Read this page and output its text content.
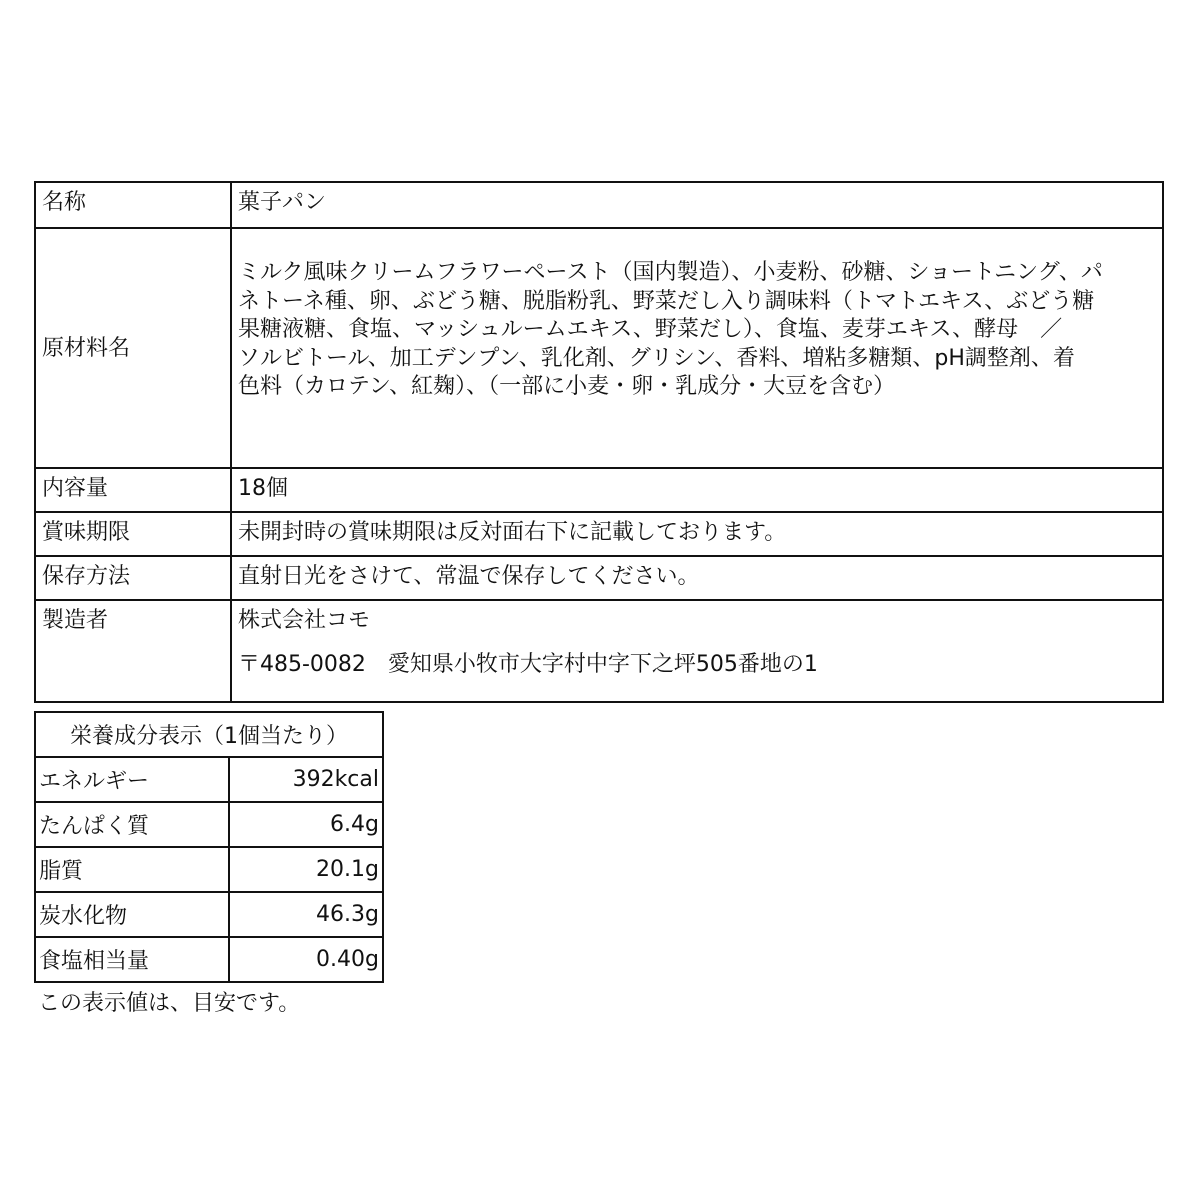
名称	菓子パン
原材料名	ミルク風味クリームフラワーペースト（国内製造）、小麦粉、砂糖、ショートニング、パ
ネトーネ種、卵、ぶどう糖、脱脂粉乳、野菜だし入り調味料（トマトエキス、ぶどう糖
果糖液糖、食塩、マッシュルームエキス、野菜だし）、食塩、麦芽エキス、酵母　／
ソルビトール、加工デンプン、乳化剤、グリシン、香料、増粘多糖類、pH調整剤、着
色料（カロテン、紅麹）、（一部に小麦・卵・乳成分・大豆を含む）

内容量	18個
賞味期限	未開封時の賞味期限は反対面右下に記載しております。
保存方法	直射日光をさけて、常温で保存してください。
製造者	株式会社コモ
〒485-0082　愛知県小牧市大字村中字下之坪505番地の1
栄養成分表示（1個当たり）	
エネルギー	392kcal
たんぱく質	6.4g
脂質	20.1g
炭水化物	46.3g
食塩相当量	0.40g
この表示値は、目安です。
